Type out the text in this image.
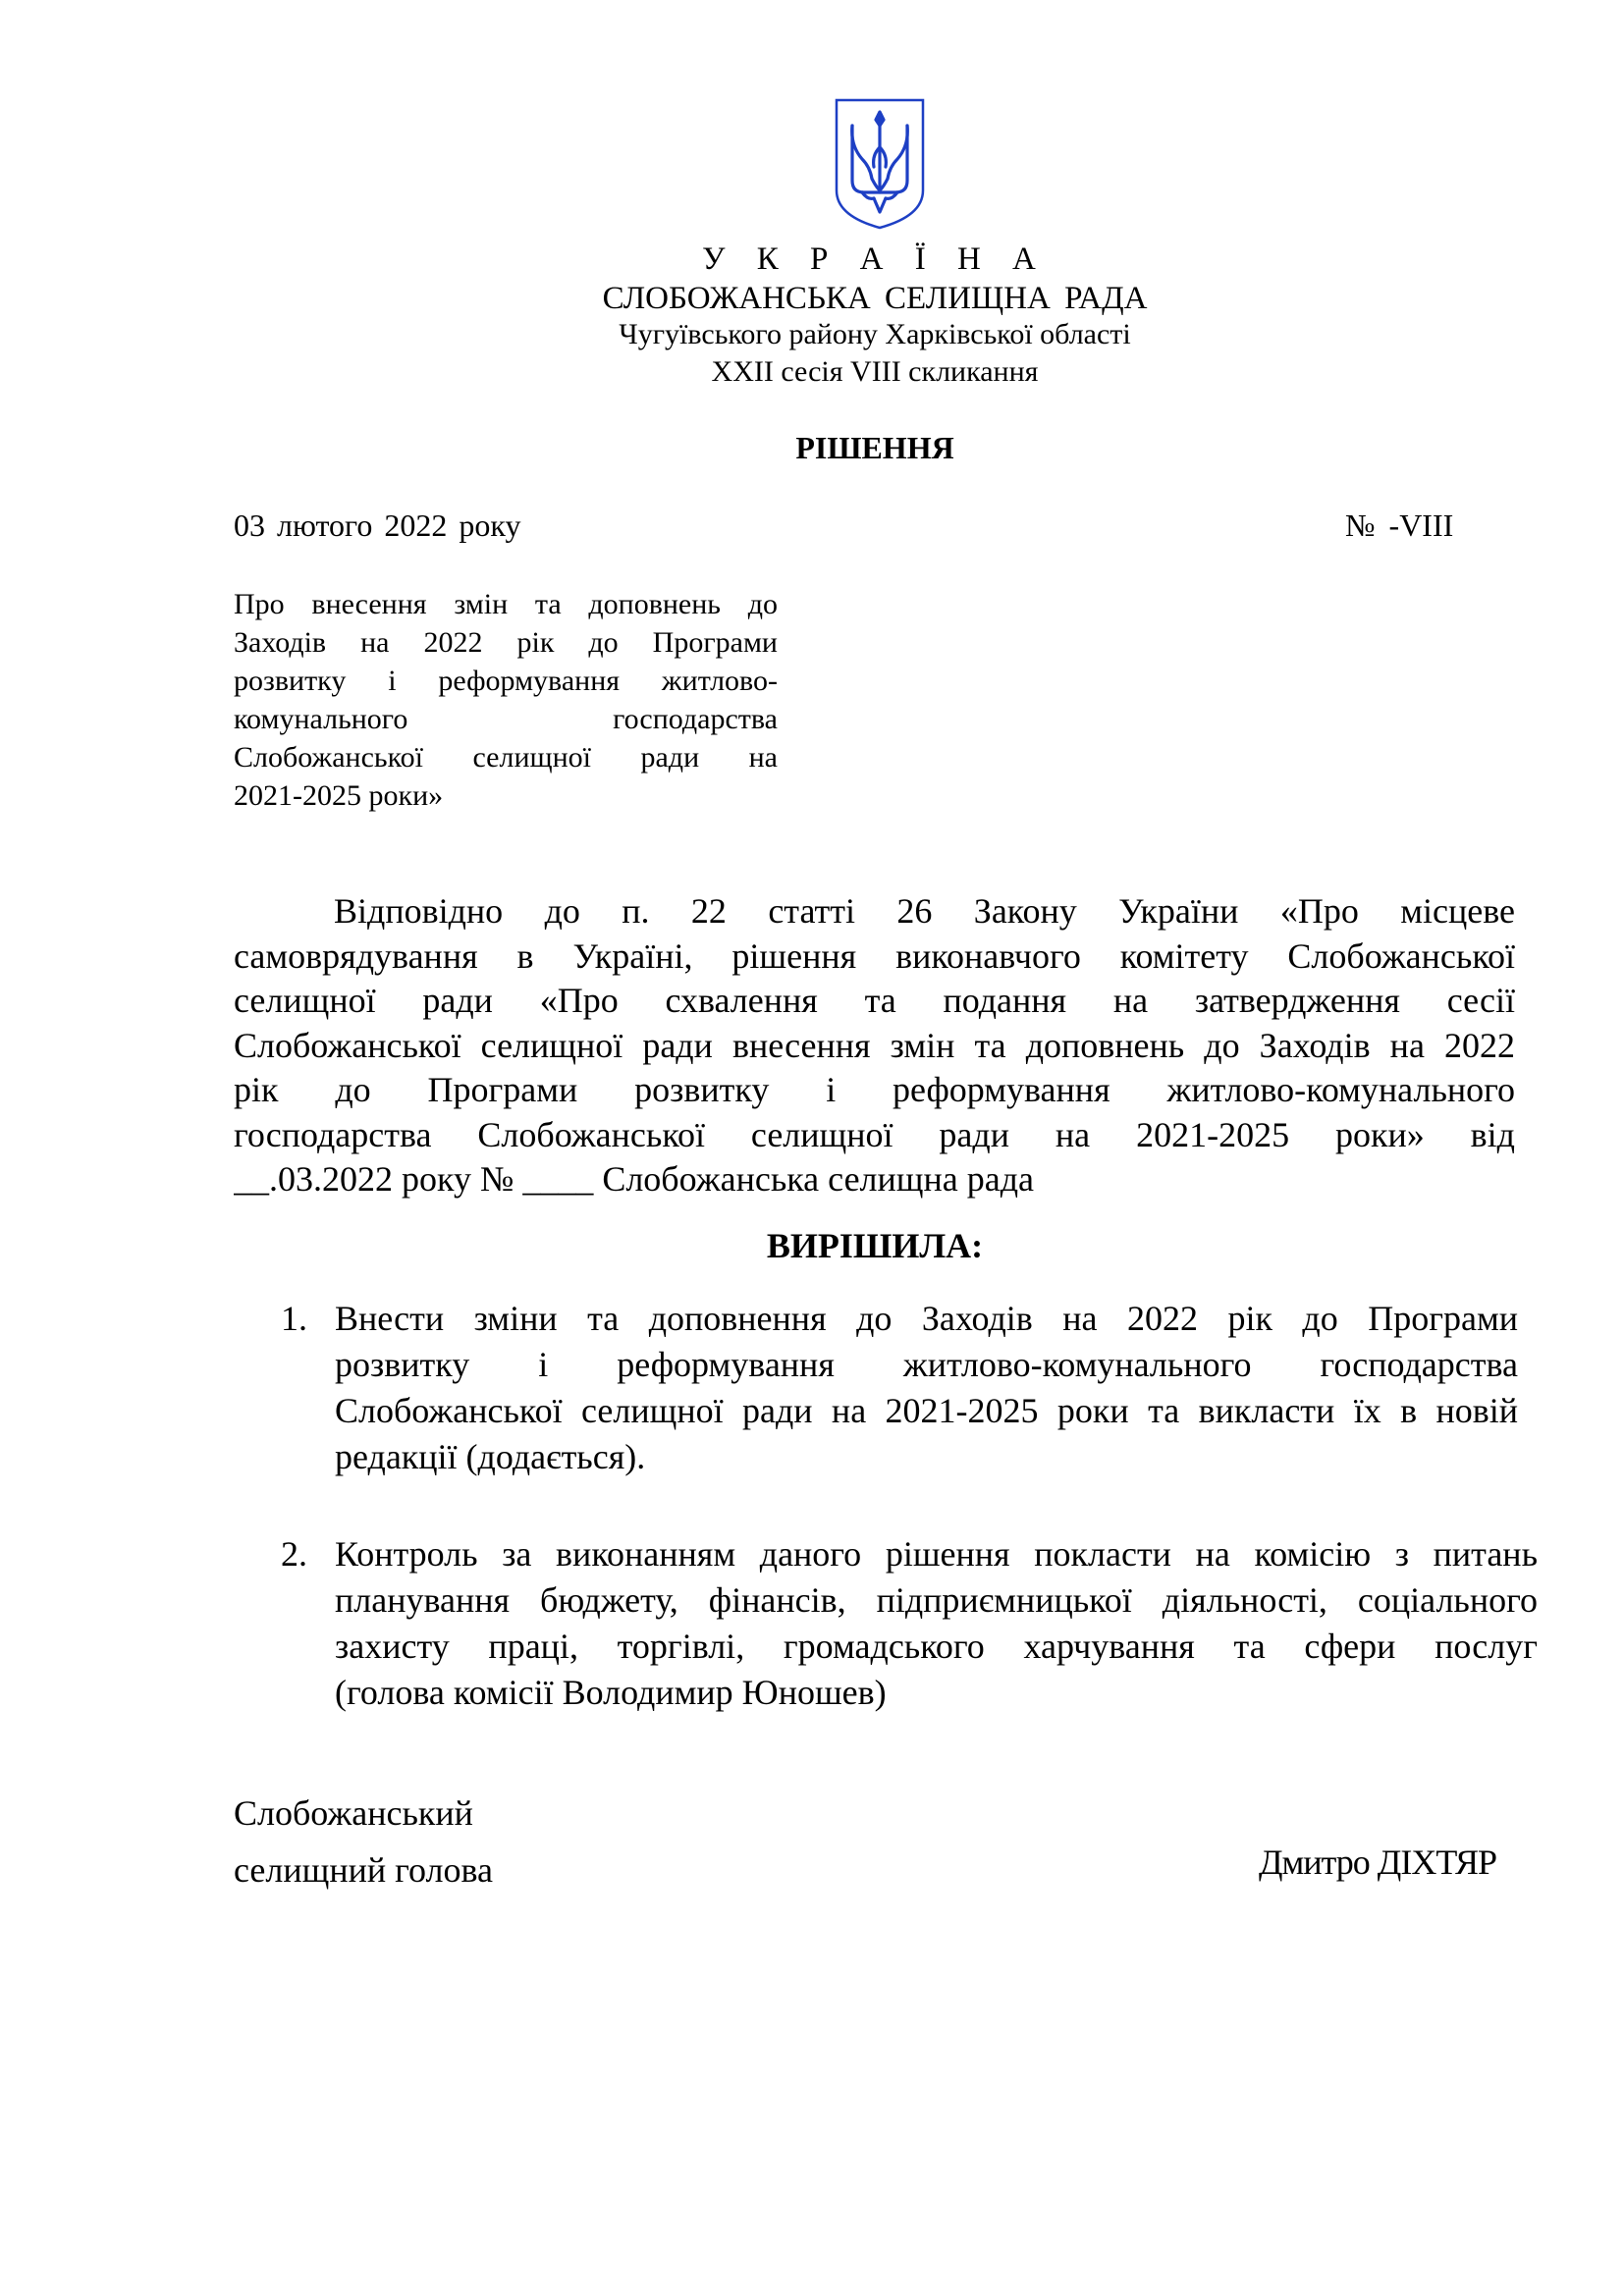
У К Р А Ї Н А
СЛОБОЖАНСЬКА СЕЛИЩНА РАДА
Чугуївського району Харківської області
XXII сесія VIII скликання
РІШЕННЯ
03 лютого 2022 року	№ -VIII
Про внесення змін та доповнень до
Заходів на 2022 рік до Програми
розвитку і реформування житлово-
комунального господарства
Слобожанської селищної ради на
2021-2025 роки»
Відповідно до п. 22 статті 26 Закону України «Про місцеве
самоврядування в Україні, рішення виконавчого комітету Слобожанської
селищної ради «Про схвалення та подання на затвердження сесії
Слобожанської селищної ради внесення змін та доповнень до Заходів на 2022
рік до Програми розвитку і реформування житлово-комунального
господарства Слобожанської селищної ради на 2021-2025 роки» від
__.03.2022 року № ____ Слобожанська селищна рада
ВИРІШИЛА:
1. Внести зміни та доповнення до Заходів на 2022 рік до Програми
розвитку і реформування житлово-комунального господарства
Слобожанської селищної ради на 2021-2025 роки та викласти їх в новій
редакції (додається).
2. Контроль за виконанням даного рішення покласти на комісію з питань
планування бюджету, фінансів, підприємницької діяльності, соціального
захисту праці, торгівлі, громадського харчування та сфери послуг
(голова комісії Володимир Юношев)
Слобожанський
селищний голова	Дмитро ДІХТЯР
